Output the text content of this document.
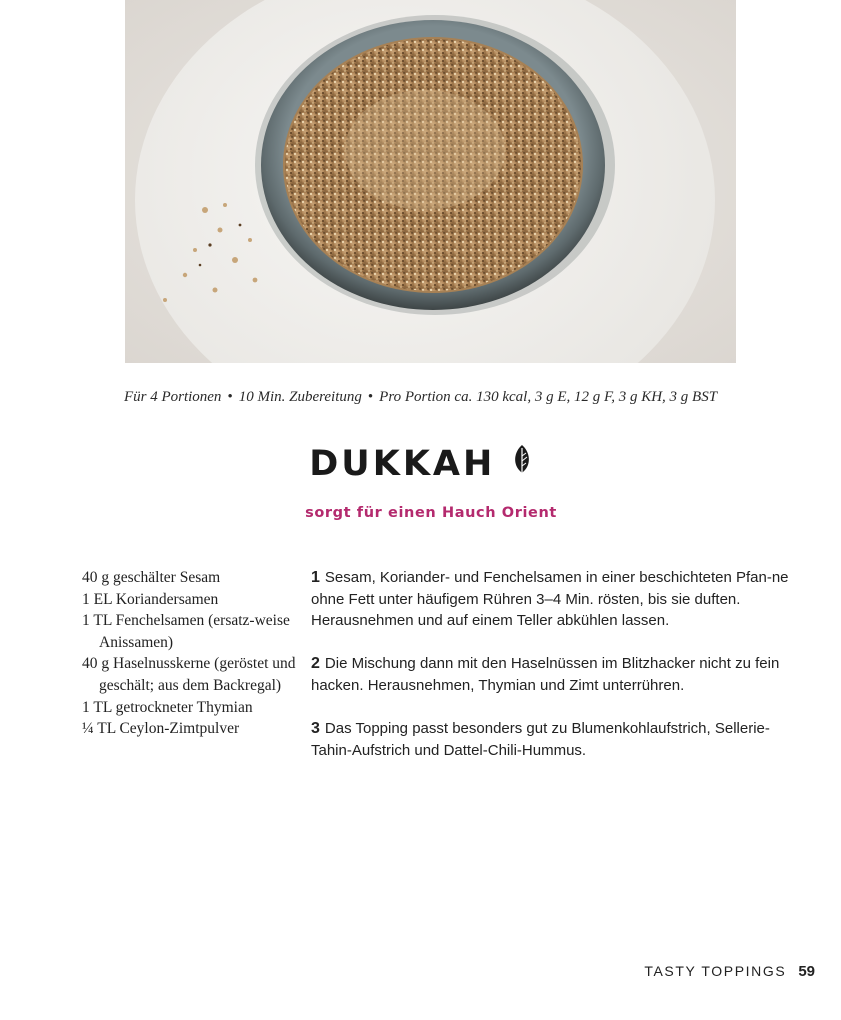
Für 4 Portionen • 10 Min. Zubereitung • Pro Portion ca. 130 kcal, 3 g E, 12 g F, 3 g KH, 3 g BST
DUKKAH
sorgt für einen Hauch Orient
40 g geschälter Sesam
1 EL Koriandersamen
1 TL Fenchelsamen (ersatz-weise Anissamen)
40 g Haselnusskerne (geröstet und geschält; aus dem Backregal)
1 TL getrockneter Thymian
¼ TL Ceylon-Zimtpulver

1 Sesam, Koriander- und Fenchelsamen in einer beschichteten Pfan-ne ohne Fett unter häufigem Rühren 3–4 Min. rösten, bis sie duften. Herausnehmen und auf einem Teller abkühlen lassen.

2 Die Mischung dann mit den Haselnüssen im Blitzhacker nicht zu fein hacken. Herausnehmen, Thymian und Zimt unterrühren.

3 Das Topping passt besonders gut zu Blumenkohlaufstrich, Sellerie-Tahin-Aufstrich und Dattel-Chili-Hummus.

TASTY TOPPINGS 59
